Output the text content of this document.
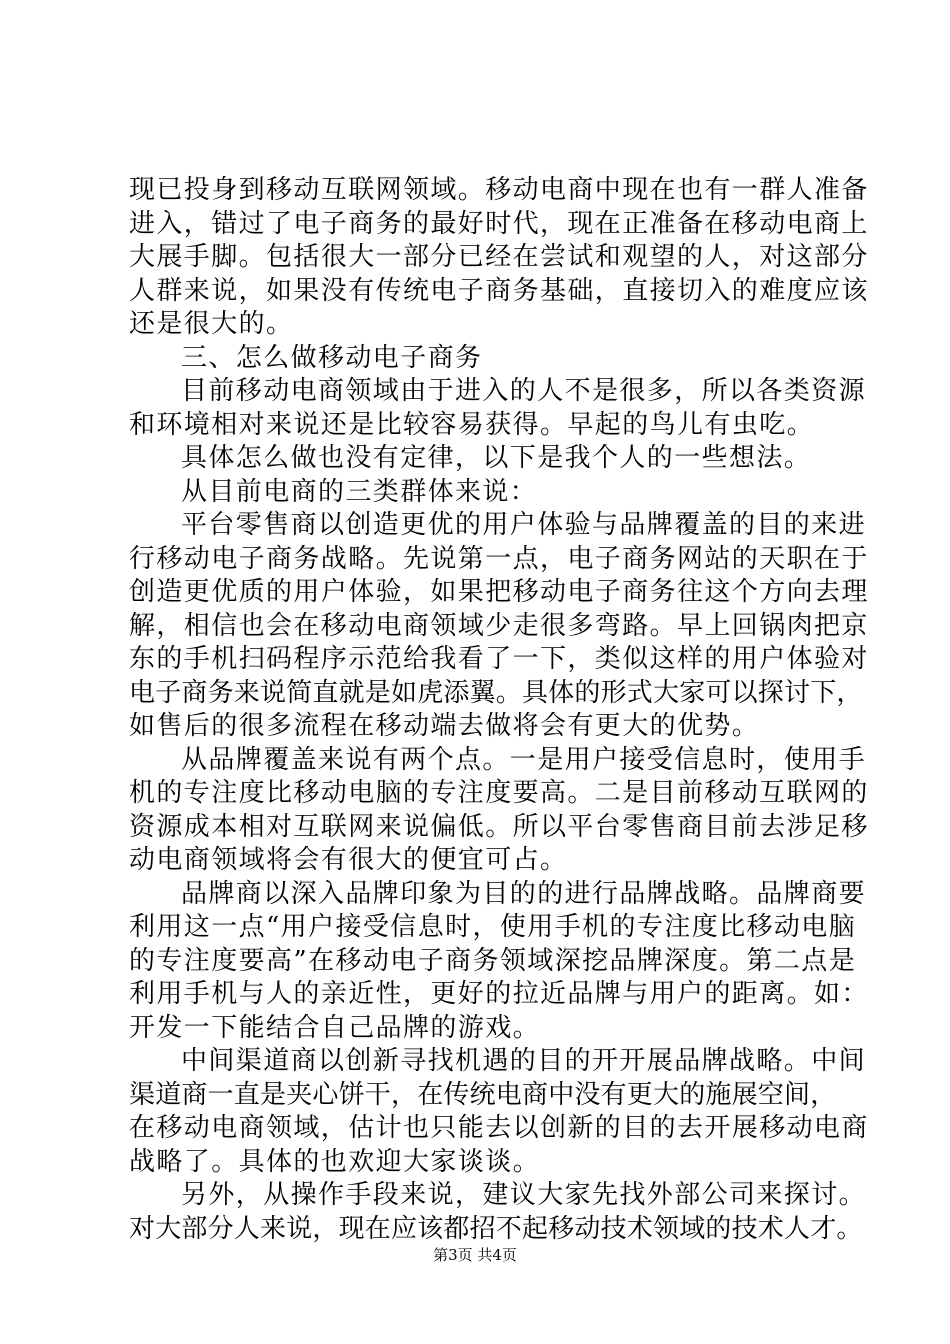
现已投身到移动互联网领域。移动电商中现在也有一群人准备
进入，错过了电子商务的最好时代，现在正准备在移动电商上
大展手脚。包括很大一部分已经在尝试和观望的人，对这部分
人群来说，如果没有传统电子商务基础，直接切入的难度应该
还是很大的。
三、怎么做移动电子商务
目前移动电商领域由于进入的人不是很多，所以各类资源
和环境相对来说还是比较容易获得。早起的鸟儿有虫吃。
具体怎么做也没有定律，以下是我个人的一些想法。
从目前电商的三类群体来说：
平台零售商以创造更优的用户体验与品牌覆盖的目的来进
行移动电子商务战略。先说第一点，电子商务网站的天职在于
创造更优质的用户体验，如果把移动电子商务往这个方向去理
解，相信也会在移动电商领域少走很多弯路。早上回锅肉把京
东的手机扫码程序示范给我看了一下，类似这样的用户体验对
电子商务来说简直就是如虎添翼。具体的形式大家可以探讨下，
如售后的很多流程在移动端去做将会有更大的优势。
从品牌覆盖来说有两个点。一是用户接受信息时，使用手
机的专注度比移动电脑的专注度要高。二是目前移动互联网的
资源成本相对互联网来说偏低。所以平台零售商目前去涉足移
动电商领域将会有很大的便宜可占。
品牌商以深入品牌印象为目的的进行品牌战略。品牌商要
利用这一点“用户接受信息时，使用手机的专注度比移动电脑
的专注度要高”在移动电子商务领域深挖品牌深度。第二点是
利用手机与人的亲近性，更好的拉近品牌与用户的距离。如：
开发一下能结合自己品牌的游戏。
中间渠道商以创新寻找机遇的目的开开展品牌战略。中间
渠道商一直是夹心饼干，在传统电商中没有更大的施展空间，
在移动电商领域，估计也只能去以创新的目的去开展移动电商
战略了。具体的也欢迎大家谈谈。
另外，从操作手段来说，建议大家先找外部公司来探讨。
对大部分人来说，现在应该都招不起移动技术领域的技术人才。
第3页 共4页
